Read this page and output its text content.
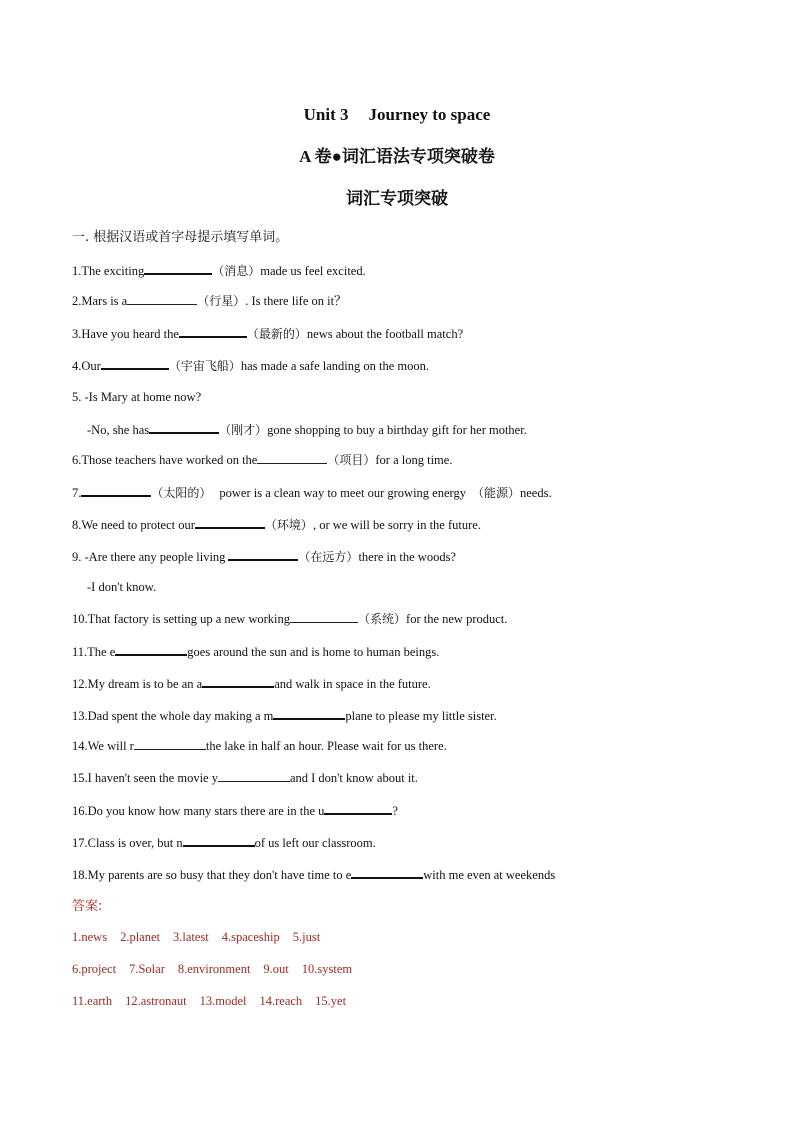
Unit 3 Journey to space
A 卷●词汇语法专项突破卷
词汇专项突破

一. 根据汉语或首字母提示填写单词。

1.The exciting	（消息）made us feel excited.
2.Mars is a	（行星）. Is there life on it？
3.Have you heard the	（最新的）news about the football match?
4.Our	（宇宙飞船）has made a safe landing on the moon.
5. -Is Mary at home now?
-No, she has	（刚才）gone shopping to buy a birthday gift for her mother.
6.Those teachers have worked on the	（项目）for a long time.
7.	（太阳的） power is a clean way to meet our growing energy （能源）needs.
8.We need to protect our	（环境）, or we will be sorry in the future.
9. -Are there any people living	（在远方）there in the woods?
-I don't know.
10.That factory is setting up a new working	（系统）for the new product.
11.The e	goes around the sun and is home to human beings.
12.My dream is to be an a	and walk in space in the future.
13.Dad spent the whole day making a m	plane to please my little sister.
14.We will r	the lake in half an hour. Please wait for us there.
15.I haven't seen the movie y	and I don't know about it.
16.Do you know how many stars there are in the u	?
17.Class is over, but n	of us left our classroom.
18.My parents are so busy that they don't have time to e	with me even at weekends

答案:

1.news 2.planet 3.latest 4.spaceship 5.just
6.project 7.Solar 8.environment 9.out 10.system
11.earth 12.astronaut 13.model 14.reach 15.yet
